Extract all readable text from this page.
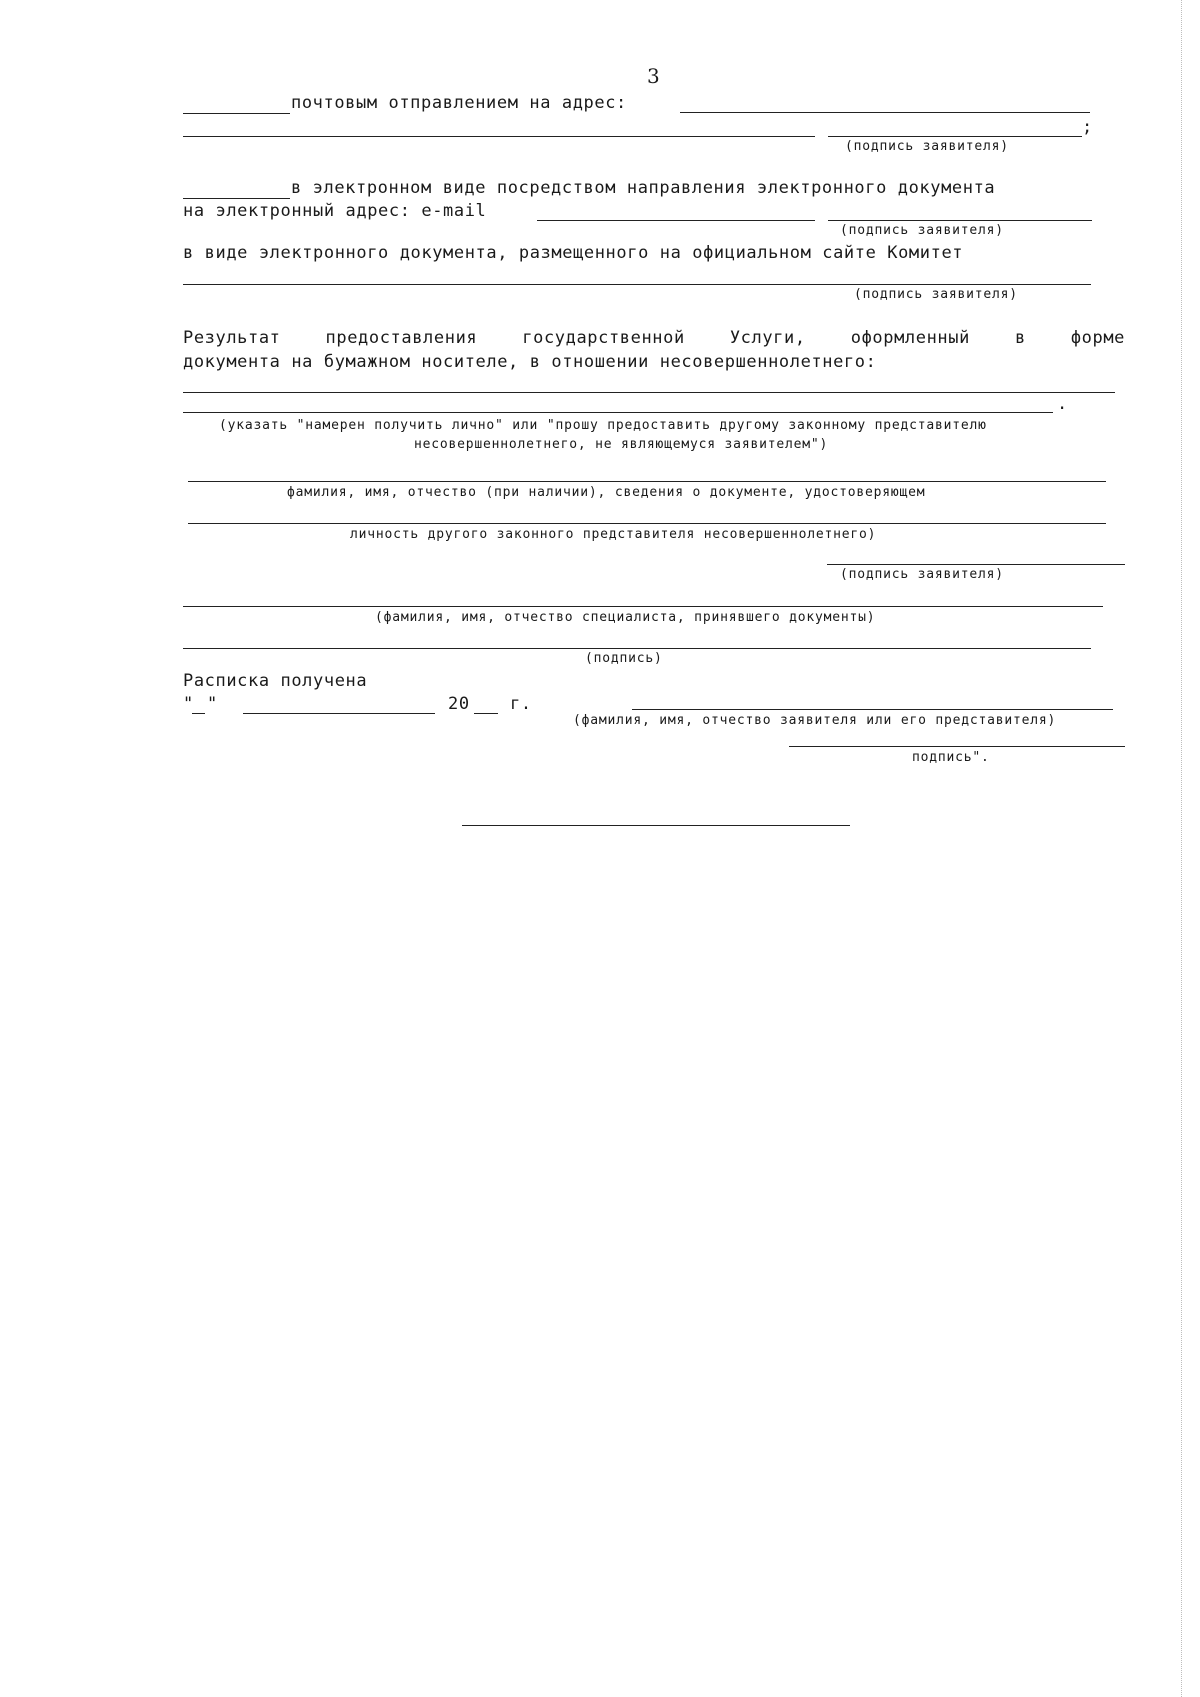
3
почтовым отправлением на адрес:
;
(подпись заявителя)
в электронном виде посредством направления электронного документа
на электронный адрес: e-mail
(подпись заявителя)
в виде электронного документа, размещенного на официальном сайте Комитет
(подпись заявителя)
Результат	предоставления	государственной	Услуги,	оформленный	в	форме
документа на бумажном носителе, в отношении несовершеннолетнего:
.
(указать "намерен получить лично" или "прошу предоставить другому законному представителю
несовершеннолетнего, не являющемуся заявителем")
фамилия, имя, отчество (при наличии), сведения о документе, удостоверяющем
личность другого законного представителя несовершеннолетнего)
(подпись заявителя)
(фамилия, имя, отчество специалиста, принявшего документы)
(подпись)
Расписка получена
" "	20 г.
(фамилия, имя, отчество заявителя или его представителя)
подпись".
